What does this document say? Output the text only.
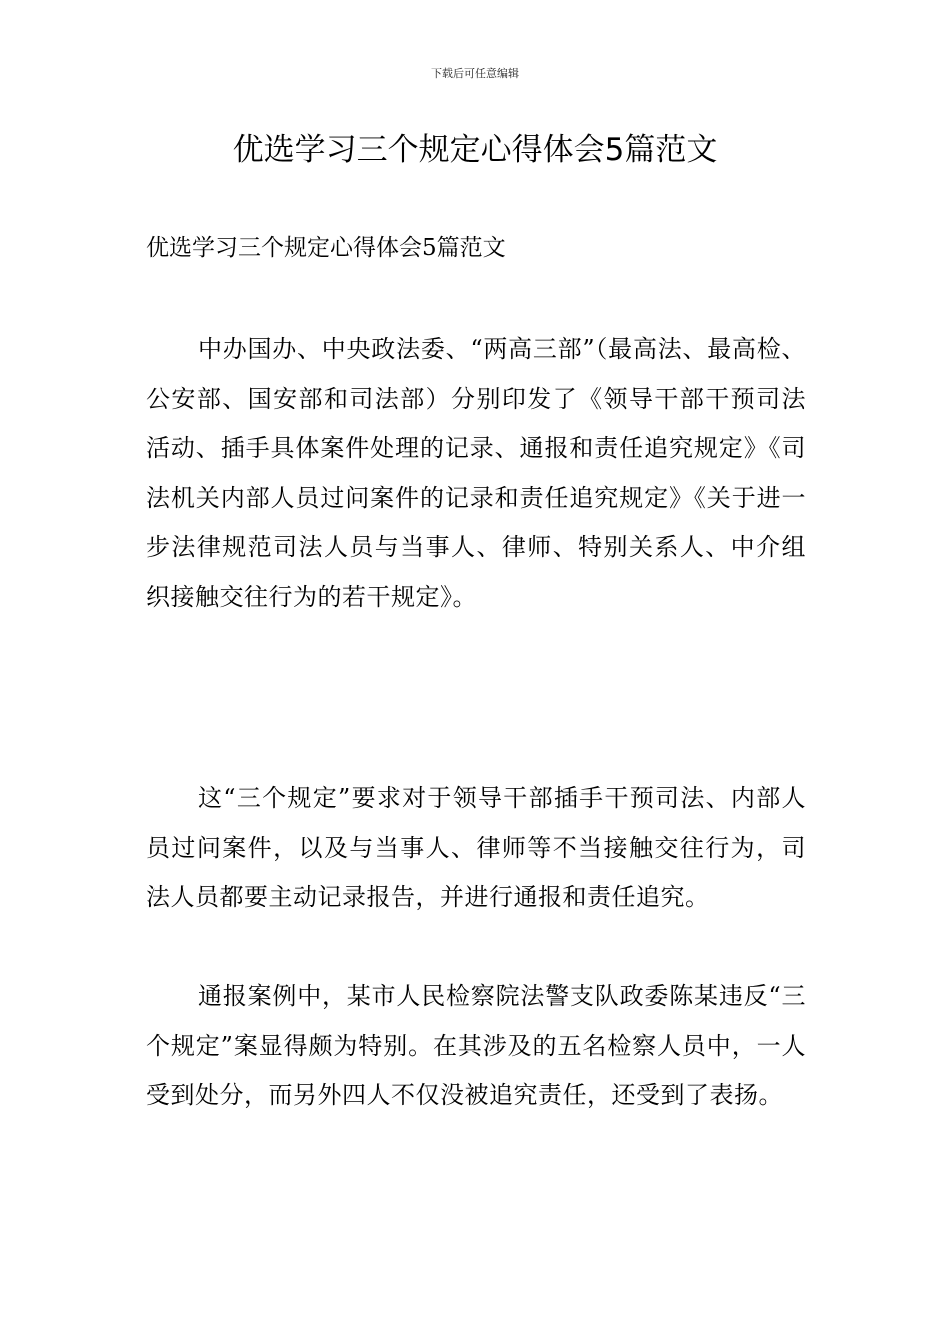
下载后可任意编辑
优选学习三个规定心得体会5篇范文

优选学习三个规定心得体会5篇范文

中办国办、中央政法委、“两高三部”（最高法、最高检、公安部、国安部和司法部）分别印发了《领导干部干预司法活动、插手具体案件处理的记录、通报和责任追究规定》《司法机关内部人员过问案件的记录和责任追究规定》《关于进一步法律规范司法人员与当事人、律师、特别关系人、中介组织接触交往行为的若干规定》。

这“三个规定”要求对于领导干部插手干预司法、内部人员过问案件，以及与当事人、律师等不当接触交往行为，司法人员都要主动记录报告，并进行通报和责任追究。

通报案例中，某市人民检察院法警支队政委陈某违反“三个规定”案显得颇为特别。在其涉及的五名检察人员中，一人受到处分，而另外四人不仅没被追究责任，还受到了表扬。
